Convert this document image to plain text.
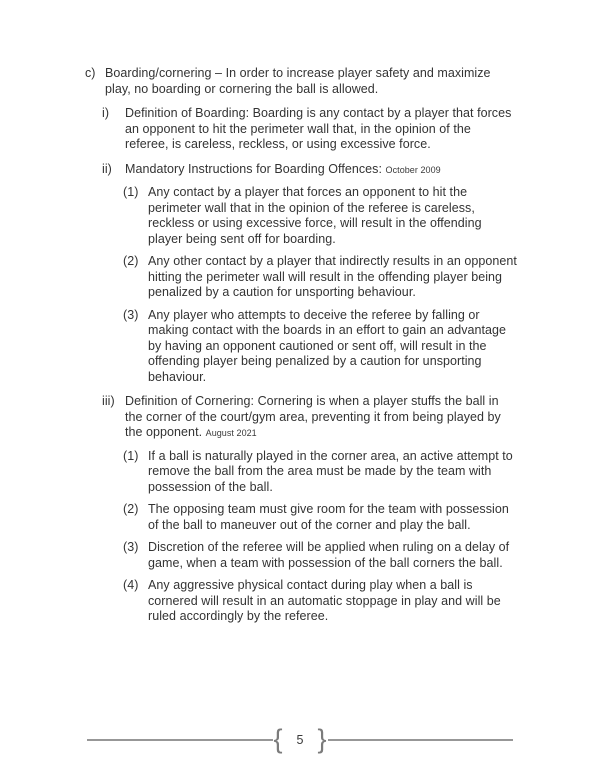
c) Boarding/cornering – In order to increase player safety and maximize play, no boarding or cornering the ball is allowed.
i)	Definition of Boarding: Boarding is any contact by a player that forces an opponent to hit the perimeter wall that, in the opinion of the referee, is careless, reckless, or using excessive force.
ii)	Mandatory Instructions for Boarding Offences: October 2009
(1) Any contact by a player that forces an opponent to hit the perimeter wall that in the opinion of the referee is careless, reckless or using excessive force, will result in the offending player being sent off for boarding.
(2) Any other contact by a player that indirectly results in an opponent hitting the perimeter wall will result in the offending player being penalized by a caution for unsporting behaviour.
(3) Any player who attempts to deceive the referee by falling or making contact with the boards in an effort to gain an advantage by having an opponent cautioned or sent off, will result in the offending player being penalized by a caution for unsporting behaviour.
iii) Definition of Cornering: Cornering is when a player stuffs the ball in the corner of the court/gym area, preventing it from being played by the opponent. August 2021
(1) If a ball is naturally played in the corner area, an active attempt to remove the ball from the area must be made by the team with possession of the ball.
(2) The opposing team must give room for the team with possession of the ball to maneuver out of the corner and play the ball.
(3) Discretion of the referee will be applied when ruling on a delay of game, when a team with possession of the ball corners the ball.
(4) Any aggressive physical contact during play when a ball is cornered will result in an automatic stoppage in play and will be ruled accordingly by the referee.
{ 5 }
